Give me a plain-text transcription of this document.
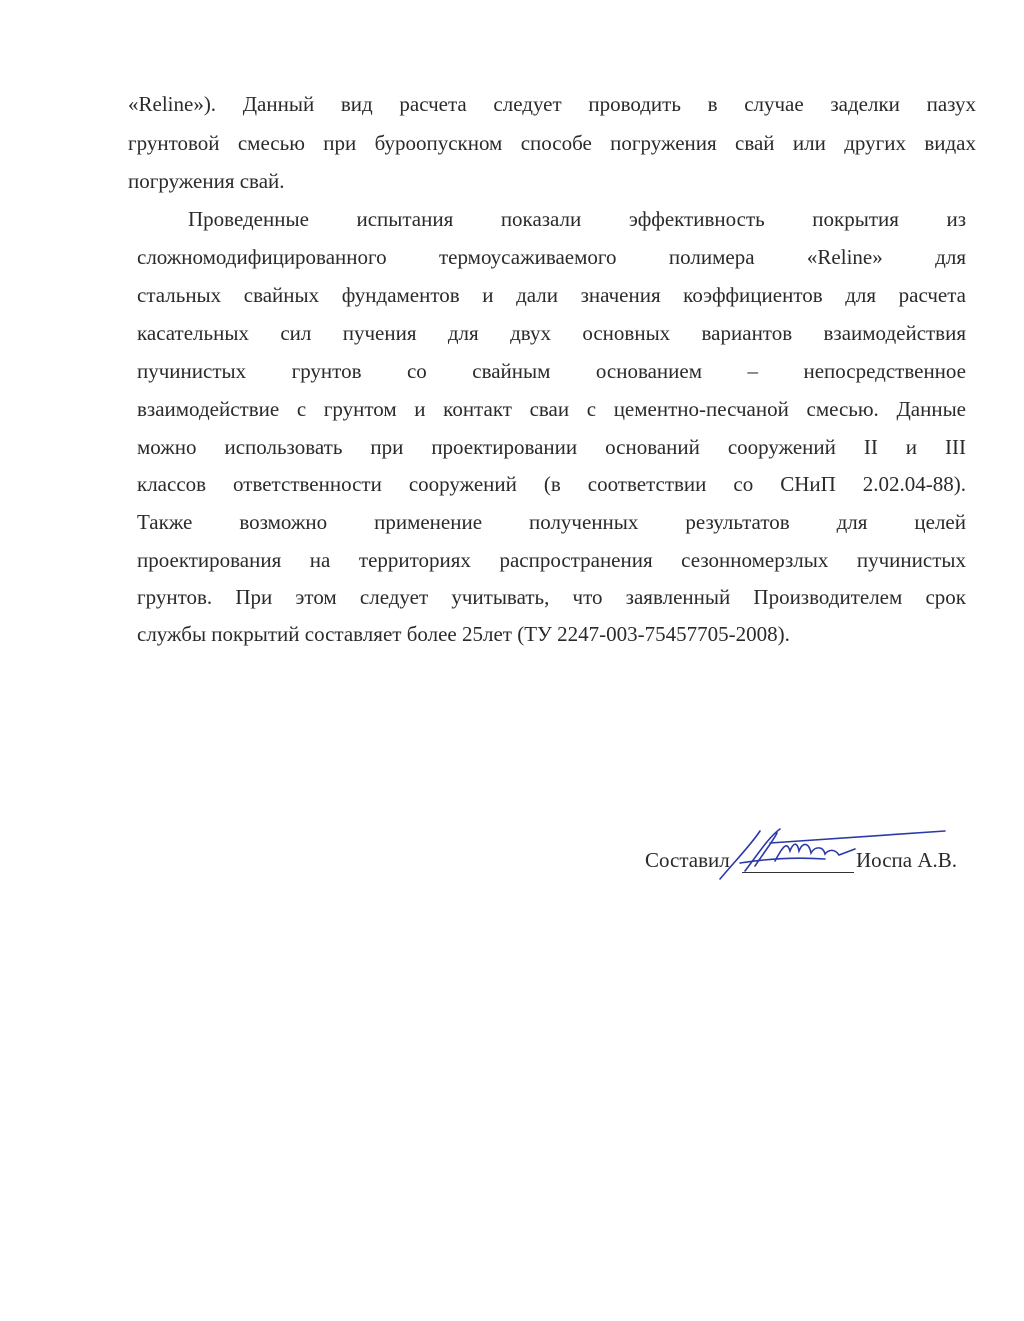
«Reline»). Данный вид расчета следует проводить в случае заделки пазух
грунтовой смесью при буроопускном способе погружения свай или других видах
погружения свай.
Проведенные испытания показали эффективность покрытия из
сложномодифицированного термоусаживаемого полимера «Reline» для
стальных свайных фундаментов и дали значения коэффициентов для расчета
касательных сил пучения для двух основных вариантов взаимодействия
пучинистых грунтов со свайным основанием – непосредственное
взаимодействие с грунтом и контакт сваи с цементно-песчаной смесью. Данные
можно использовать при проектировании оснований сооружений II и III
классов ответственности сооружений (в соответствии со СНиП 2.02.04-88).
Также возможно применение полученных результатов для целей
проектирования на территориях распространения сезонномерзлых пучинистых
грунтов. При этом следует учитывать, что заявленный Производителем срок
службы покрытий составляет более 25лет (ТУ 2247-003-75457705-2008).
Составил	Иоспа А.В.
